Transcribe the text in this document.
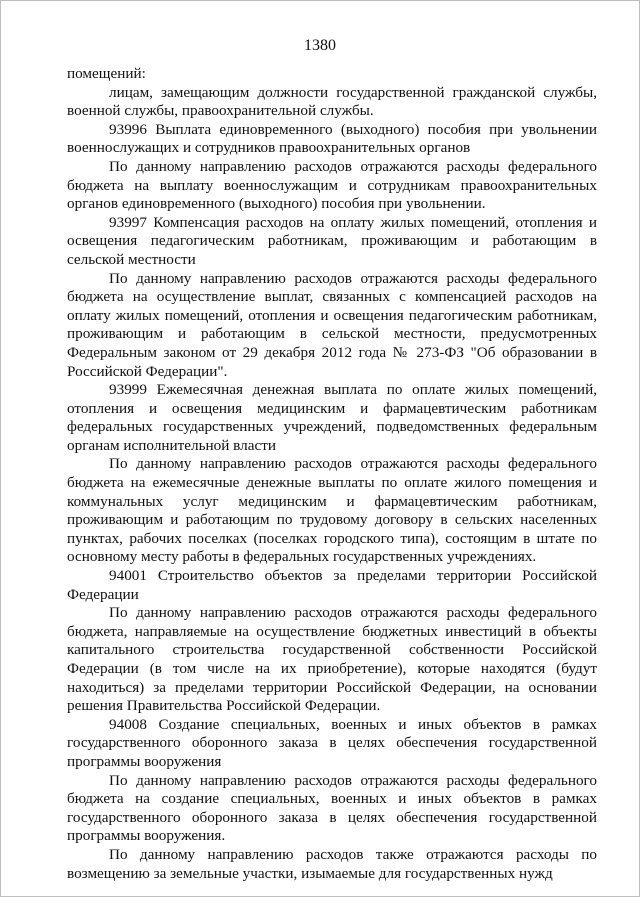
1380

помещений:

лицам, замещающим должности государственной гражданской службы, военной службы, правоохранительной службы.

93996 Выплата единовременного (выходного) пособия при увольнении военнослужащих и сотрудников правоохранительных органов

По данному направлению расходов отражаются расходы федерального бюджета на выплату военнослужащим и сотрудникам правоохранительных органов единовременного (выходного) пособия при увольнении.

93997 Компенсация расходов на оплату жилых помещений, отопления и освещения педагогическим работникам, проживающим и работающим в сельской местности

По данному направлению расходов отражаются расходы федерального бюджета на осуществление выплат, связанных с компенсацией расходов на оплату жилых помещений, отопления и освещения педагогическим работникам, проживающим и работающим в сельской местности, предусмотренных Федеральным законом от 29 декабря 2012 года № 273-ФЗ "Об образовании в Российской Федерации".

93999 Ежемесячная денежная выплата по оплате жилых помещений, отопления и освещения медицинским и фармацевтическим работникам федеральных государственных учреждений, подведомственных федеральным органам исполнительной власти

По данному направлению расходов отражаются расходы федерального бюджета на ежемесячные денежные выплаты по оплате жилого помещения и коммунальных услуг медицинским и фармацевтическим работникам, проживающим и работающим по трудовому договору в сельских населенных пунктах, рабочих поселках (поселках городского типа), состоящим в штате по основному месту работы в федеральных государственных учреждениях.

94001 Строительство объектов за пределами территории Российской Федерации

По данному направлению расходов отражаются расходы федерального бюджета, направляемые на осуществление бюджетных инвестиций в объекты капитального строительства государственной собственности Российской Федерации (в том числе на их приобретение), которые находятся (будут находиться) за пределами территории Российской Федерации, на основании решения Правительства Российской Федерации.

94008 Создание специальных, военных и иных объектов в рамках государственного оборонного заказа в целях обеспечения государственной программы вооружения

По данному направлению расходов отражаются расходы федерального бюджета на создание специальных, военных и иных объектов в рамках государственного оборонного заказа в целях обеспечения государственной программы вооружения.

По данному направлению расходов также отражаются расходы по возмещению за земельные участки, изымаемые для государственных нужд
